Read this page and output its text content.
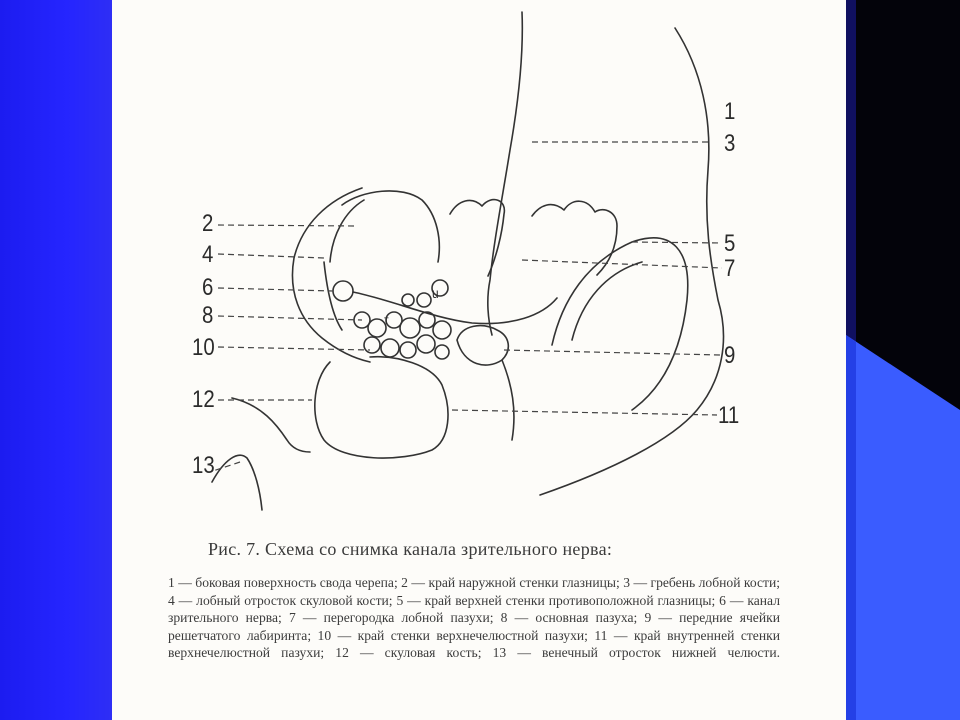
1
3
2
4
6
8
10
12
13
5
7
9
11
u
т
Рис. 7. Схема со снимка канала зрительного нерва:
1 — боковая поверхность свода черепа; 2 — край наружной стенки глазницы; 3 — гребень лобной кости; 4 — лобный отросток скуловой кости; 5 — край верхней стенки противоположной глазницы; 6 — канал зрительного нерва; 7 — перегородка лобной пазухи; 8 — основная пазуха; 9 — передние ячейки решетчатого лабиринта; 10 — край стенки верхнечелюстной пазухи; 11 — край внутренней стенки верхнечелюстной пазухи; 12 — скуловая кость; 13 — венечный отросток нижней челюсти.
